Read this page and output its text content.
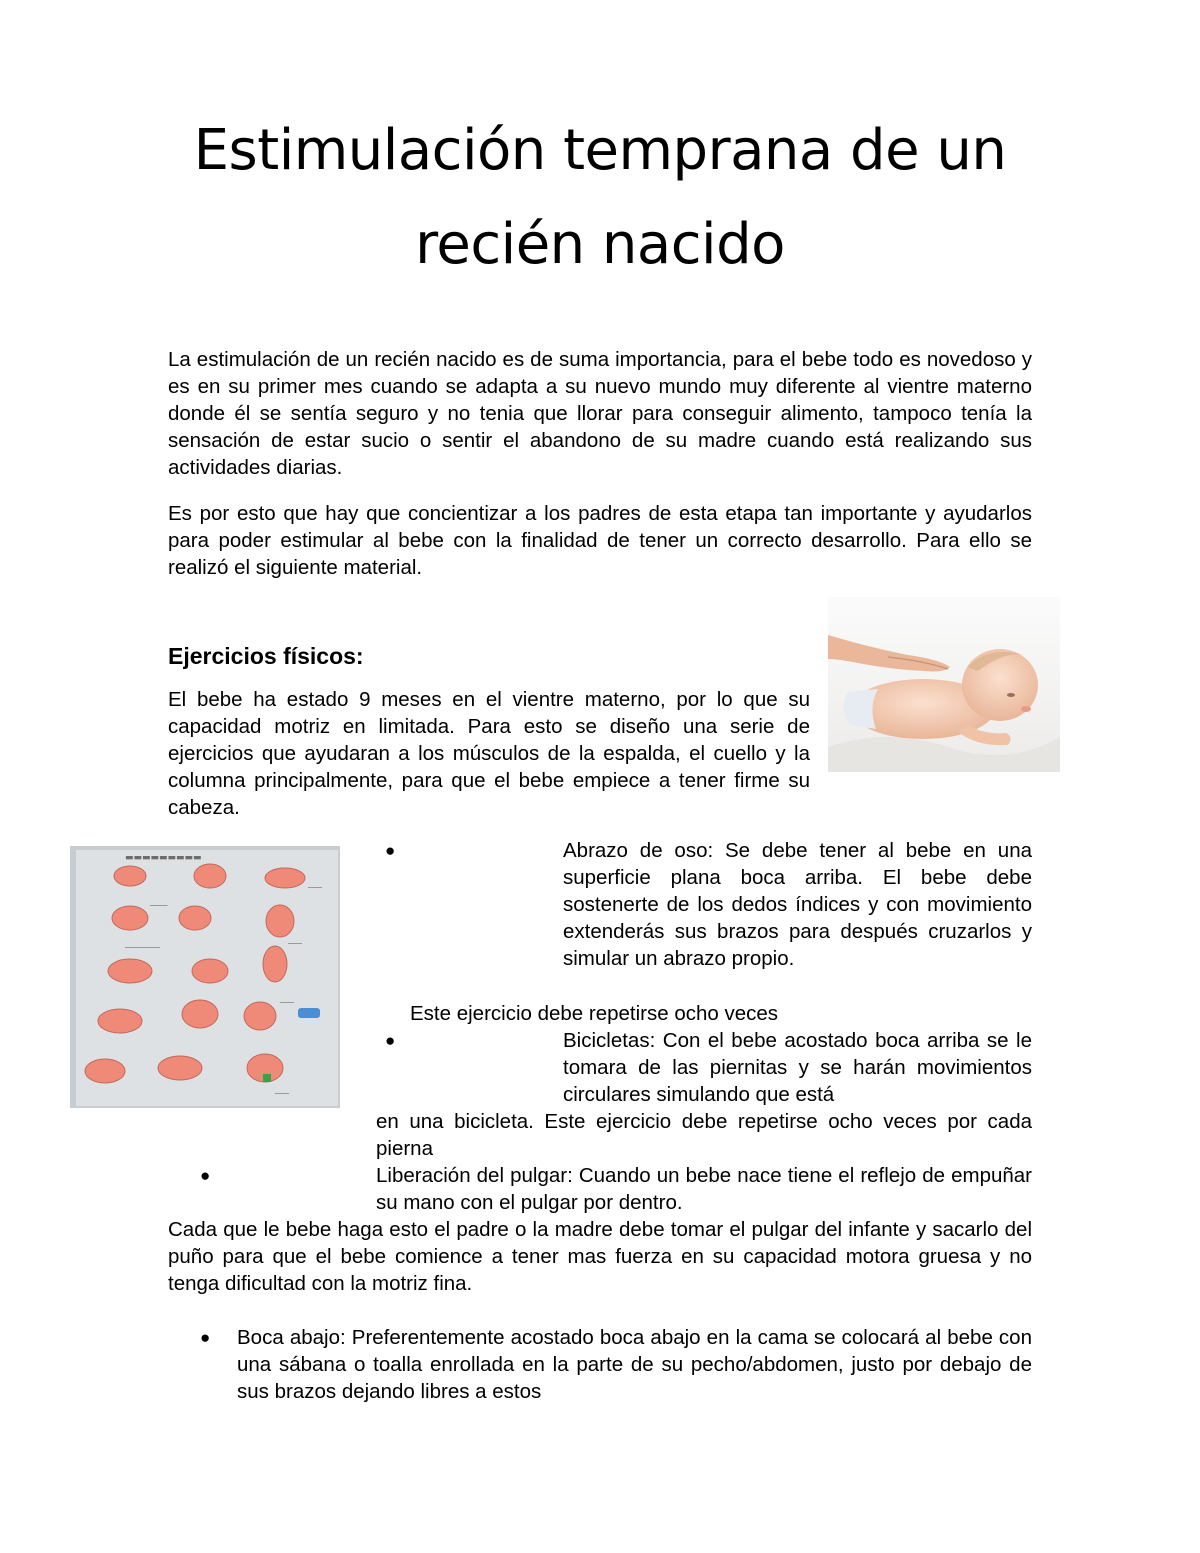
Estimulación temprana de un recién nacido

La estimulación de un recién nacido es de suma importancia, para el bebe todo es novedoso y es en su primer mes cuando se adapta a su nuevo mundo muy diferente al vientre materno donde él se sentía seguro y no tenia que llorar para conseguir alimento, tampoco tenía la sensación de estar sucio o sentir el abandono de su madre cuando está realizando sus actividades diarias.

Es por esto que hay que concientizar a los padres de esta etapa tan importante y ayudarlos para poder estimular al bebe con la finalidad de tener un correcto desarrollo. Para ello se realizó el siguiente material.

Ejercicios físicos:

El bebe ha estado 9 meses en el vientre materno, por lo que su capacidad motriz en limitada. Para esto se diseño una serie de ejercicios que ayudaran a los músculos de la espalda, el cuello y la columna principalmente, para que el bebe empiece a tener firme su cabeza.

▬▬▬▬▬▬▬▬▬
_____
____
____
__________
____
____
●	Abrazo de oso: Se debe tener al bebe en una superficie plana boca arriba. El bebe debe sostenerte de los dedos índices y con movimiento extenderás sus brazos para después cruzarlos y simular un abrazo propio.

Este ejercicio debe repetirse ocho veces

●	Bicicletas: Con el bebe acostado boca arriba se le tomara de las piernitas y se harán movimientos circulares simulando que está

en una bicicleta. Este ejercicio debe repetirse ocho veces por cada pierna

●	Liberación del pulgar: Cuando un bebe nace tiene el reflejo de empuñar su mano con el pulgar por dentro.

Cada que le bebe haga esto el padre o la madre debe tomar el pulgar del infante y sacarlo del puño para que el bebe comience a tener mas fuerza en su capacidad motora gruesa y no tenga dificultad con la motriz fina.

● Boca abajo: Preferentemente acostado boca abajo en la cama se colocará al bebe con una sábana o toalla enrollada en la parte de su pecho/abdomen, justo por debajo de sus brazos dejando libres a estos
